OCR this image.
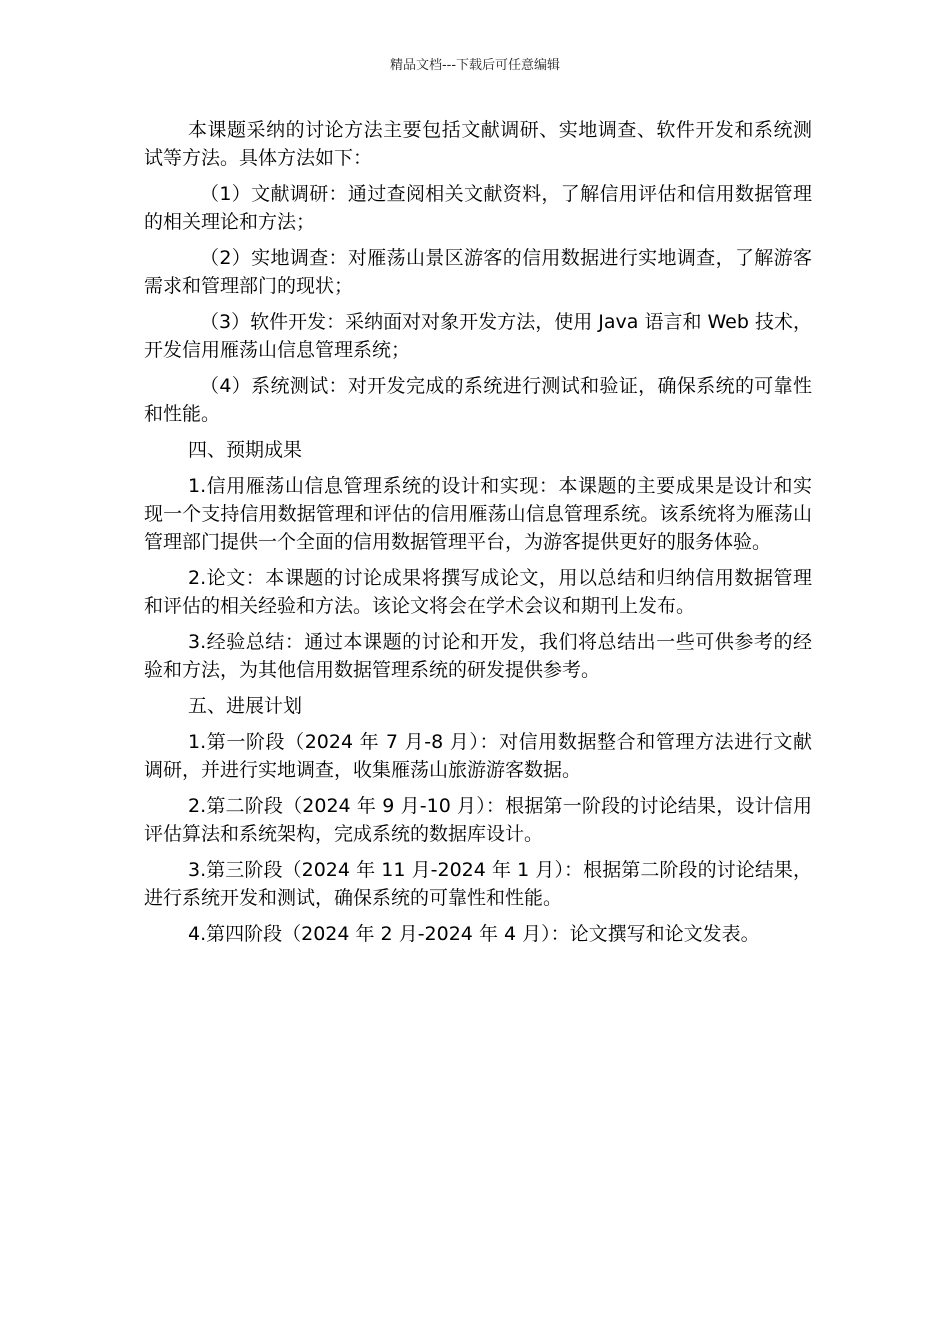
精品文档---下载后可任意编辑

本课题采纳的讨论方法主要包括文献调研、实地调查、软件开发和系统测试等方法。具体方法如下：

（1）文献调研：通过查阅相关文献资料，了解信用评估和信用数据管理的相关理论和方法；

（2）实地调查：对雁荡山景区游客的信用数据进行实地调查，了解游客需求和管理部门的现状；

（3）软件开发：采纳面对对象开发方法，使用 Java 语言和 Web 技术，开发信用雁荡山信息管理系统；

（4）系统测试：对开发完成的系统进行测试和验证，确保系统的可靠性和性能。

四、预期成果

1.信用雁荡山信息管理系统的设计和实现：本课题的主要成果是设计和实现一个支持信用数据管理和评估的信用雁荡山信息管理系统。该系统将为雁荡山管理部门提供一个全面的信用数据管理平台，为游客提供更好的服务体验。

2.论文：本课题的讨论成果将撰写成论文，用以总结和归纳信用数据管理和评估的相关经验和方法。该论文将会在学术会议和期刊上发布。

3.经验总结：通过本课题的讨论和开发，我们将总结出一些可供参考的经验和方法，为其他信用数据管理系统的研发提供参考。

五、进展计划

1.第一阶段（2024 年 7 月-8 月）：对信用数据整合和管理方法进行文献调研，并进行实地调查，收集雁荡山旅游游客数据。

2.第二阶段（2024 年 9 月-10 月）：根据第一阶段的讨论结果，设计信用评估算法和系统架构，完成系统的数据库设计。

3.第三阶段（2024 年 11 月-2024 年 1 月）：根据第二阶段的讨论结果，进行系统开发和测试，确保系统的可靠性和性能。

4.第四阶段（2024 年 2 月-2024 年 4 月）：论文撰写和论文发表。
